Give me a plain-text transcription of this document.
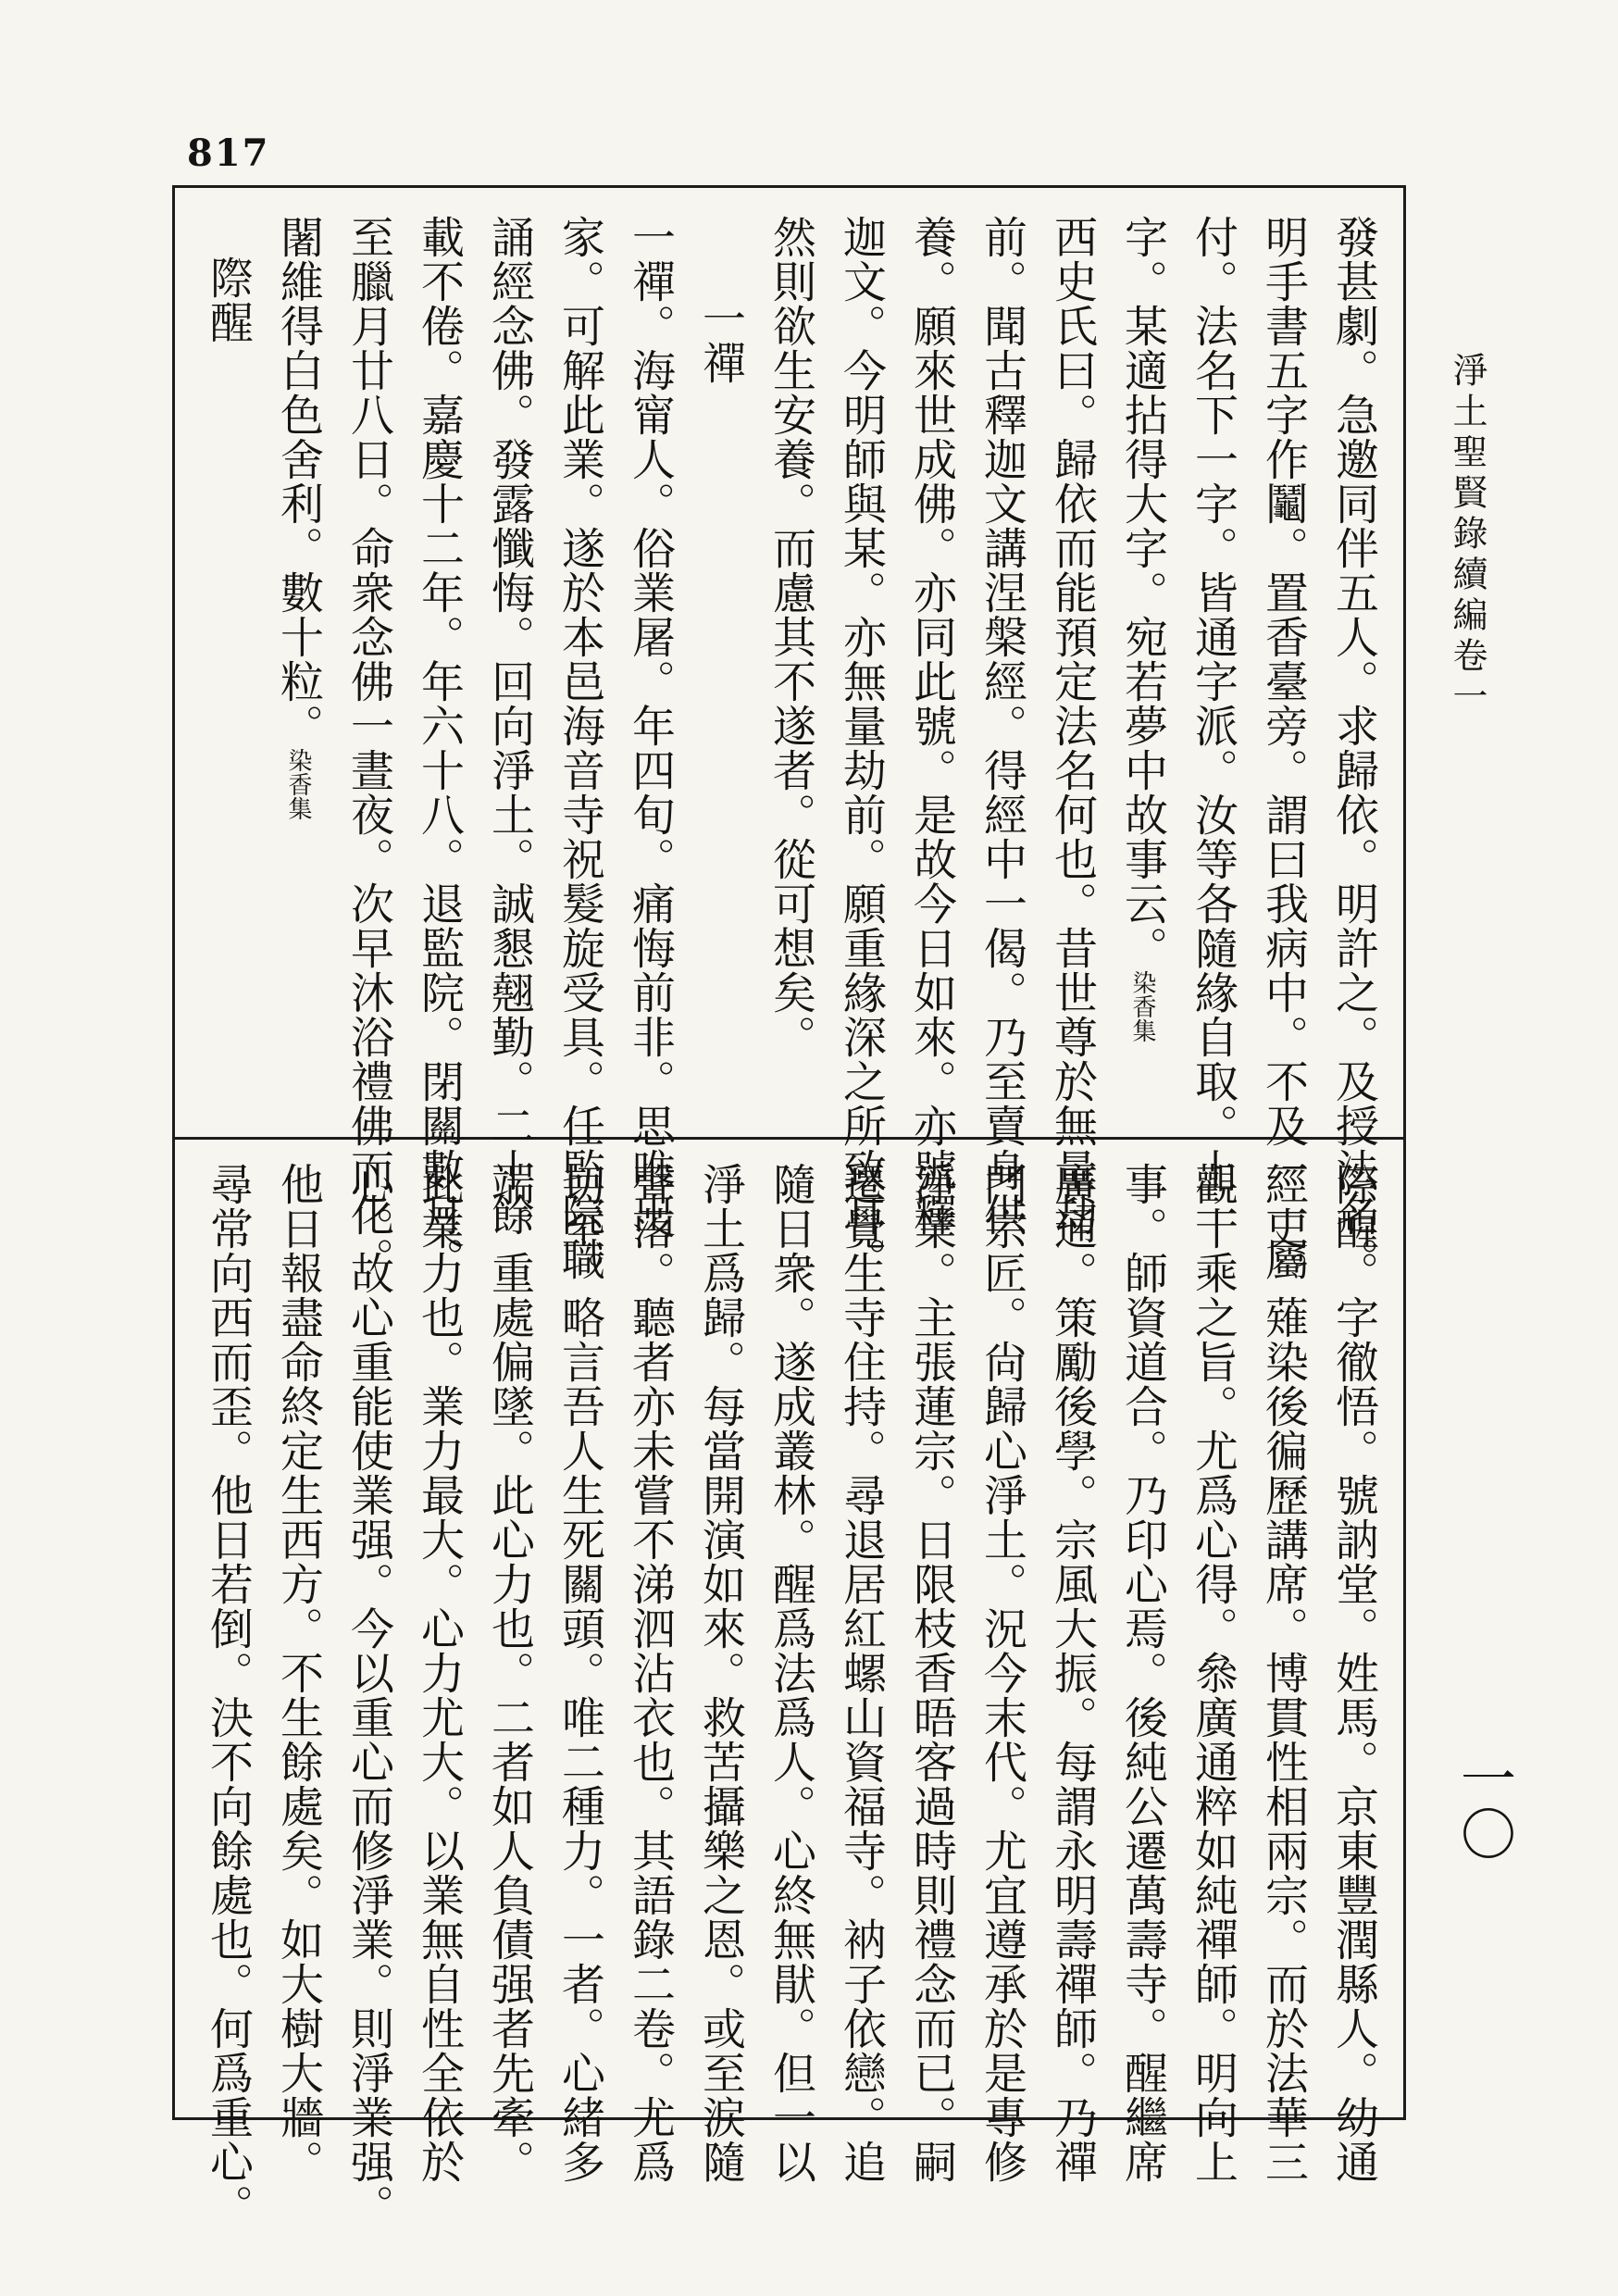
817
發甚劇。急邀同伴五人。求歸依。明許之。及授法名。
明手書五字作鬮。置香臺旁。謂曰我病中。不及一一屬
付。法名下一字。皆通字派。汝等各隨緣自取。上一
字。某適拈得大字。宛若夢中故事云。染香集
西史氏曰。歸依而能預定法名何也。昔世尊於無量劫
前。聞古釋迦文講涅槃經。得經中一偈。乃至賣身供
養。願來世成佛。亦同此號。是故今日如來。亦號釋
迦文。今明師與某。亦無量劫前。願重緣深之所致耳。
然則欲生安養。而慮其不遂者。從可想矣。
一禪
一禪。海甯人。俗業屠。年四旬。痛悔前非。思唯出
家。可解此業。遂於本邑海音寺祝髮旋受具。任監院職
誦經念佛。發露懺悔。回向淨土。誠懇翹勤。二十餘
載不倦。嘉慶十二年。年六十八。退監院。閉關數月。
至臘月廿八日。命衆念佛一晝夜。次早沐浴禮佛而化。
闍維得白色舍利。數十粒。染香集
際醒
際醒。字徹悟。號訥堂。姓馬。京東豐潤縣人。幼通
經史。薙染後徧歷講席。博貫性相兩宗。而於法華三
觀十乘之旨。尤爲心得。叅廣通粹如純禪師。明向上
事。師資道合。乃印心焉。後純公遷萬壽寺。醒繼席
廣通。策勵後學。宗風大振。每謂永明壽禪師。乃禪
門宗匠。尙歸心淨土。況今末代。尤宜遵承於是專修
淨業。主張蓮宗。日限枝香晤客過時則禮念而已。嗣
遷覺生寺住持。尋退居紅螺山資福寺。衲子依戀。追
隨日衆。遂成叢林。醒爲法爲人。心終無猒。但一以
淨土爲歸。每當開演如來。救苦攝樂之恩。或至涙隨
聲落。聽者亦未嘗不涕泗沾衣也。其語錄二卷。尤爲
切至。略言吾人生死關頭。唯二種力。一者。心緒多
端。重處偏墜。此心力也。二者如人負債强者先牽。
此業力也。業力最大。心力尤大。以業無自性全依於
心。故心重能使業强。今以重心而修淨業。則淨業强。
他日報盡命終定生西方。不生餘處矣。如大樹大牆。
尋常向西而歪。他日若倒。決不向餘處也。何爲重心。
淨土聖賢錄續編卷一
一〇
